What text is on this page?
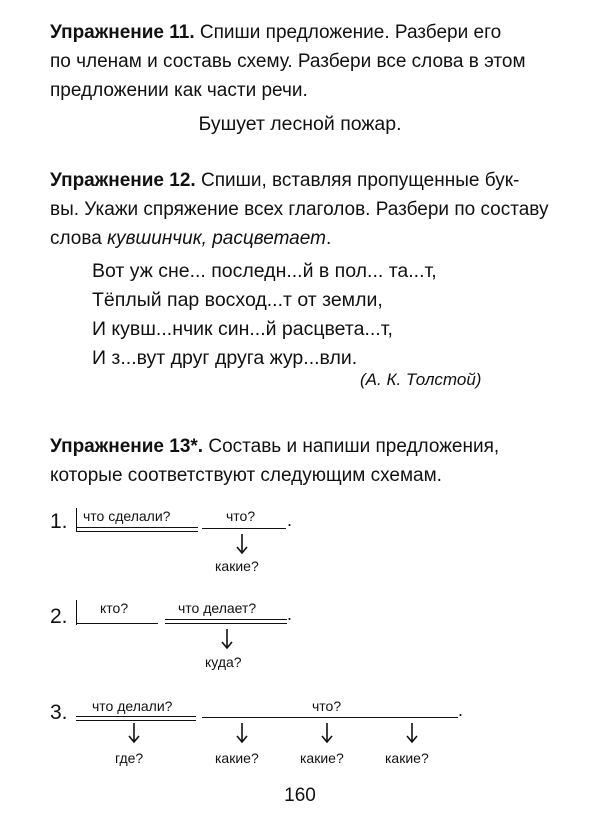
Упражнение 11. Спиши предложение. Разбери его

по членам и составь схему. Разбери все слова в этом

предложении как части речи.

Бушует лесной пожар.

Упражнение 12. Спиши, вставляя пропущенные бук-

вы. Укажи спряжение всех глаголов. Разбери по составу

слова кувшинчик, расцветает.

Вот уж сне... последн...й в пол... та...т,
Тёплый пар восход...т от земли,
И кувш...нчик син...й расцвета...т,
И з...вут друг друга жур...вли.
(А. К. Толстой)

Упражнение 13*. Составь и напиши предложения,

которые соответствуют следующим схемам.

1. что сделали?	что? .
какие?
2. кто?	что делает? .
куда?
3. что делали?	что?	.
где?	какие?	какие?	какие?
160
